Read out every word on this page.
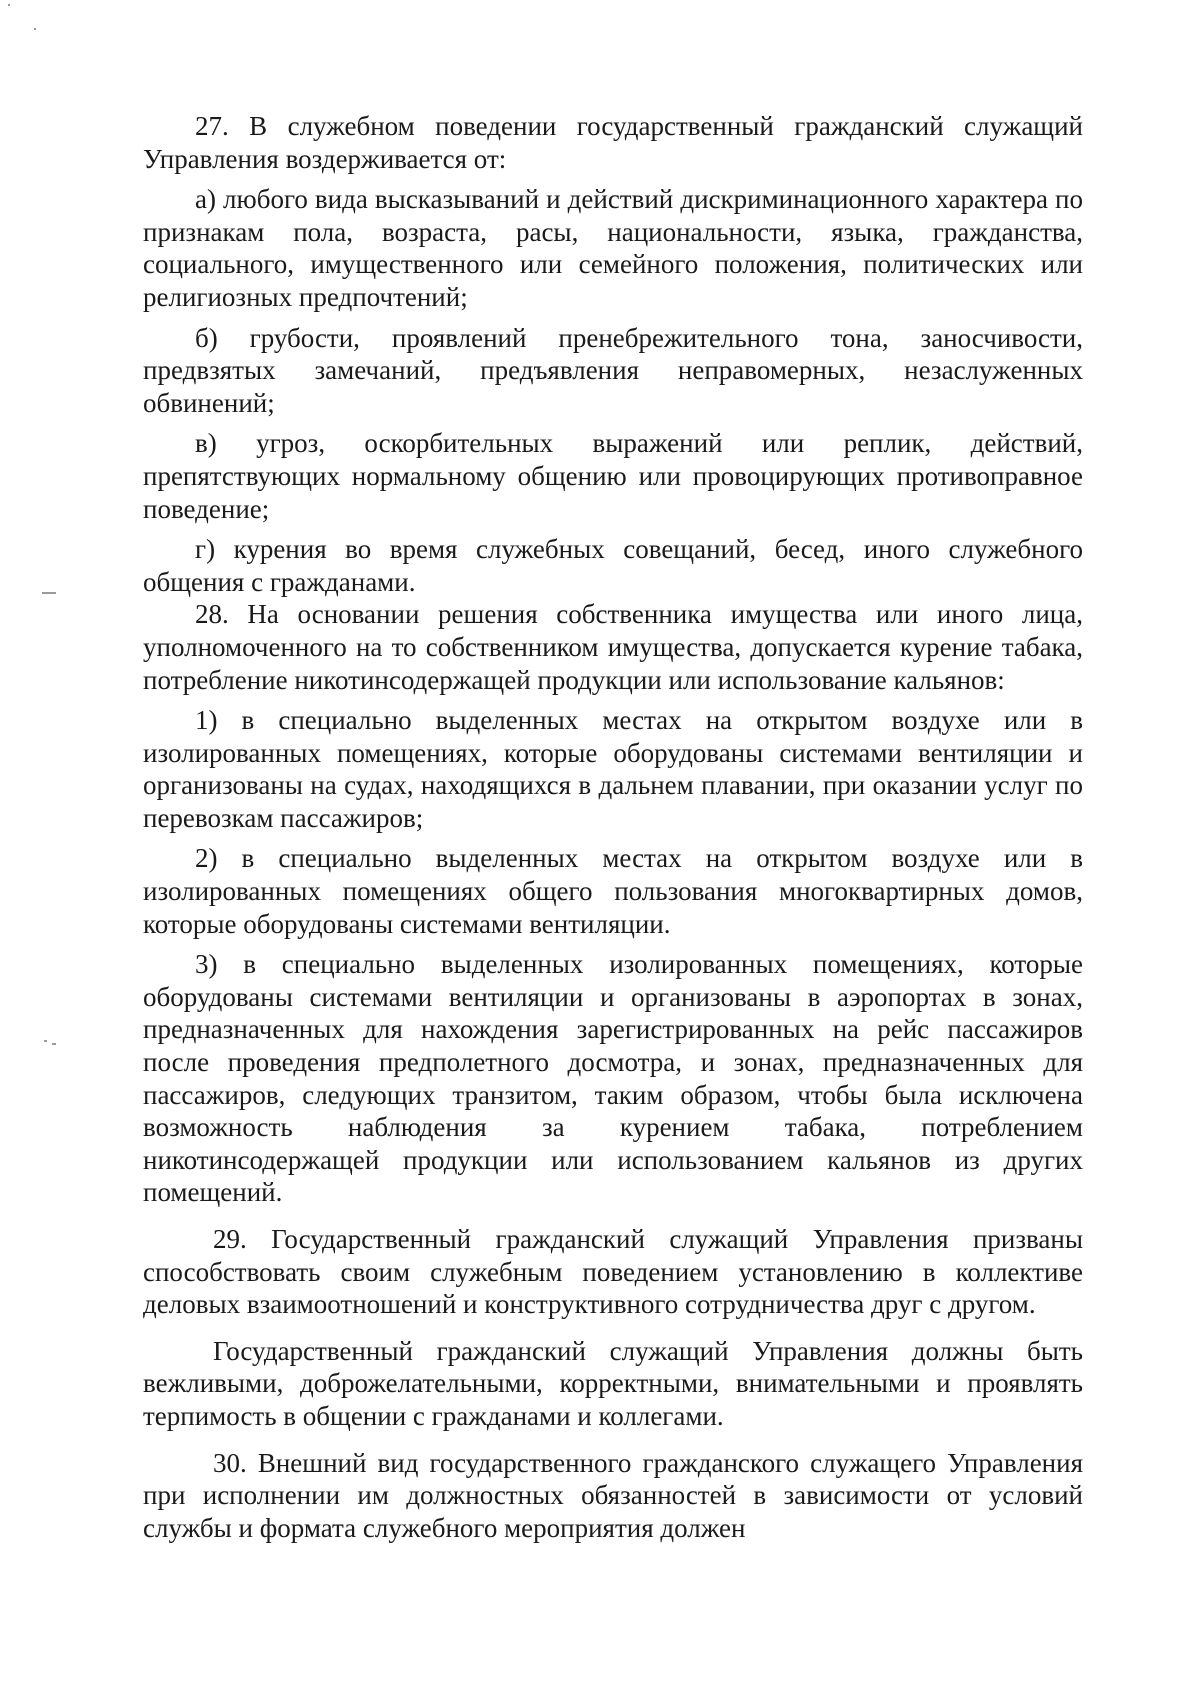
27. В служебном поведении государственный гражданский служащий Управления воздерживается от:

а) любого вида высказываний и действий дискриминационного характера по признакам пола, возраста, расы, национальности, языка, гражданства, социального, имущественного или семейного положения, политических или религиозных предпочтений;

б) грубости, проявлений пренебрежительного тона, заносчивости, предвзятых замечаний, предъявления неправомерных, незаслуженных обвинений;

в) угроз, оскорбительных выражений или реплик, действий, препятствующих нормальному общению или провоцирующих противоправное поведение;

г) курения во время служебных совещаний, бесед, иного служебного общения с гражданами.

28. На основании решения собственника имущества или иного лица, уполномоченного на то собственником имущества, допускается курение табака, потребление никотинсодержащей продукции или использование кальянов:

1) в специально выделенных местах на открытом воздухе или в изолированных помещениях, которые оборудованы системами вентиляции и организованы на судах, находящихся в дальнем плавании, при оказании услуг по перевозкам пассажиров;

2) в специально выделенных местах на открытом воздухе или в изолированных помещениях общего пользования многоквартирных домов, которые оборудованы системами вентиляции.

3) в специально выделенных изолированных помещениях, которые оборудованы системами вентиляции и организованы в аэропортах в зонах, предназначенных для нахождения зарегистрированных на рейс пассажиров после проведения предполетного досмотра, и зонах, предназначенных для пассажиров, следующих транзитом, таким образом, чтобы была исключена возможность наблюдения за курением табака, потреблением никотинсодержащей продукции или использованием кальянов из других помещений.

29. Государственный гражданский служащий Управления призваны способствовать своим служебным поведением установлению в коллективе деловых взаимоотношений и конструктивного сотрудничества друг с другом.

Государственный гражданский служащий Управления должны быть вежливыми, доброжелательными, корректными, внимательными и проявлять терпимость в общении с гражданами и коллегами.

30. Внешний вид государственного гражданского служащего Управления при исполнении им должностных обязанностей в зависимости от условий службы и формата служебного мероприятия должен
